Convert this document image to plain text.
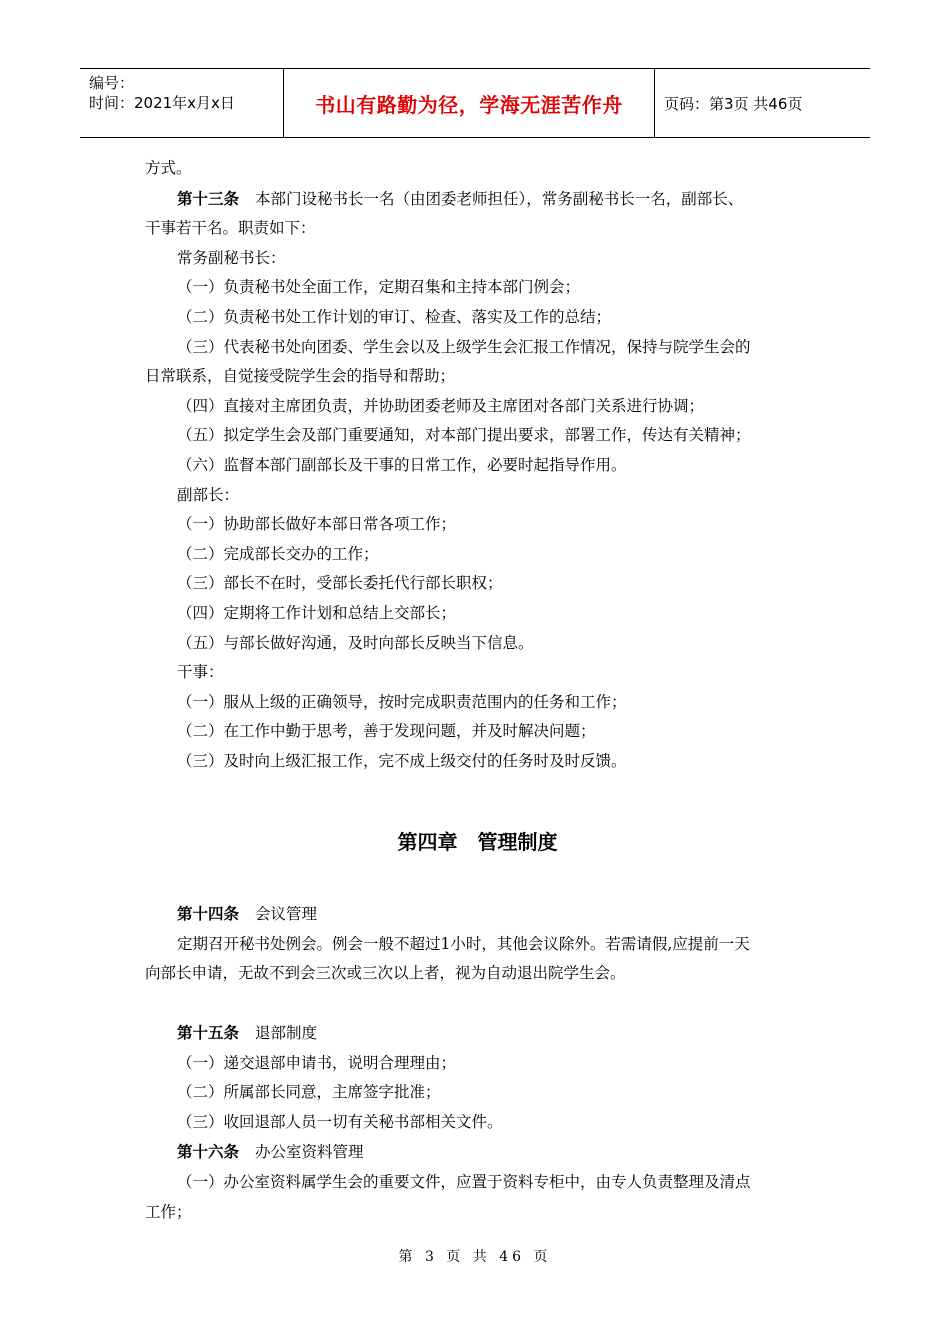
编号：
时间：2021年x月x日	书山有路勤为径，学海无涯苦作舟	页码：第3页 共46页

方式。

第十三条 本部门设秘书长一名（由团委老师担任），常务副秘书长一名，副部长、

干事若干名。职责如下：

常务副秘书长：

（一）负责秘书处全面工作，定期召集和主持本部门例会；

（二）负责秘书处工作计划的审订、检查、落实及工作的总结；

（三）代表秘书处向团委、学生会以及上级学生会汇报工作情况，保持与院学生会的

日常联系，自觉接受院学生会的指导和帮助；

（四）直接对主席团负责，并协助团委老师及主席团对各部门关系进行协调；

（五）拟定学生会及部门重要通知，对本部门提出要求，部署工作，传达有关精神；

（六）监督本部门副部长及干事的日常工作，必要时起指导作用。

副部长：

（一）协助部长做好本部日常各项工作；

（二）完成部长交办的工作；

（三）部长不在时，受部长委托代行部长职权；

（四）定期将工作计划和总结上交部长；

（五）与部长做好沟通，及时向部长反映当下信息。

干事：

（一）服从上级的正确领导，按时完成职责范围内的任务和工作；

（二）在工作中勤于思考，善于发现问题，并及时解决问题；

（三）及时向上级汇报工作，完不成上级交付的任务时及时反馈。

第四章　管理制度

第十四条 会议管理

定期召开秘书处例会。例会一般不超过1小时，其他会议除外。若需请假,应提前一天

向部长申请，无故不到会三次或三次以上者，视为自动退出院学生会。

第十五条 退部制度

（一）递交退部申请书，说明合理理由；

（二）所属部长同意，主席签字批准；

（三）收回退部人员一切有关秘书部相关文件。

第十六条 办公室资料管理

（一）办公室资料属学生会的重要文件，应置于资料专柜中，由专人负责整理及清点

工作；

第 3 页 共 46 页
